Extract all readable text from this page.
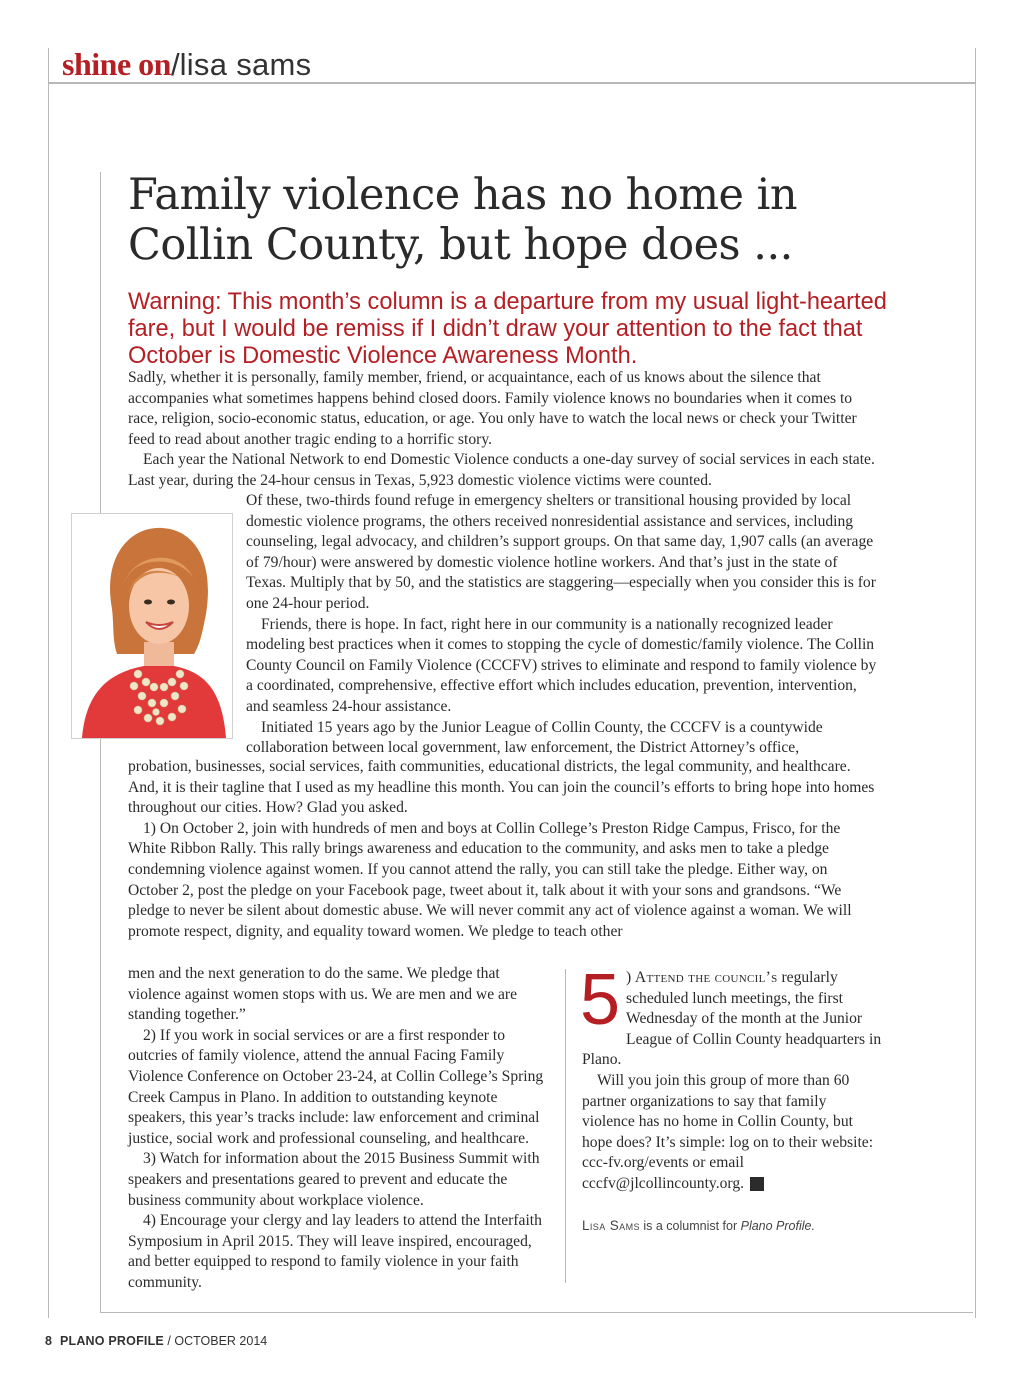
shine on/lisa sams
Family violence has no home in
Collin County, but hope does ...

Warning: This month’s column is a departure from my usual light-hearted fare, but I would be remiss if I didn’t draw your attention to the fact that October is Domestic Violence Awareness Month.

Sadly, whether it is personally, family member, friend, or acquaintance, each of us knows about the silence that accompanies what sometimes happens behind closed doors. Family violence knows no boundaries when it comes to race, religion, socio-economic status, education, or age. You only have to watch the local news or check your Twitter feed to read about another tragic ending to a horrific story.

Each year the National Network to end Domestic Violence conducts a one-day survey of social services in each state. Last year, during the 24-hour census in Texas, 5,923 domestic violence victims were counted.

Of these, two-thirds found refuge in emergency shelters or transitional housing provided by local domestic violence programs, the others received nonresidential assistance and services, including counseling, legal advocacy, and children’s support groups. On that same day, 1,907 calls (an average of 79/hour) were answered by domestic violence hotline workers. And that’s just in the state of Texas. Multiply that by 50, and the statistics are staggering—especially when you consider this is for one 24-hour period.

Friends, there is hope. In fact, right here in our community is a nationally recognized leader modeling best practices when it comes to stopping the cycle of domestic/family violence. The Collin County Council on Family Violence (CCCFV) strives to eliminate and respond to family violence by a coordinated, comprehensive, effective effort which includes education, prevention, intervention, and seamless 24-hour assistance.

Initiated 15 years ago by the Junior League of Collin County, the CCCFV is a countywide collaboration between local government, law enforcement, the District Attorney’s office,

probation, businesses, social services, faith communities, educational districts, the legal community, and healthcare. And, it is their tagline that I used as my headline this month. You can join the council’s efforts to bring hope into homes throughout our cities. How? Glad you asked.

1) On October 2, join with hundreds of men and boys at Collin College’s Preston Ridge Campus, Frisco, for the White Ribbon Rally. This rally brings awareness and education to the community, and asks men to take a pledge condemning violence against women. If you cannot attend the rally, you can still take the pledge. Either way, on October 2, post the pledge on your Facebook page, tweet about it, talk about it with your sons and grandsons. “We pledge to never be silent about domestic abuse. We will never commit any act of violence against a woman. We will promote respect, dignity, and equality toward women. We pledge to teach other

men and the next generation to do the same. We pledge that violence against women stops with us. We are men and we are standing together.”

2) If you work in social services or are a first responder to outcries of family violence, attend the annual Facing Family Violence Conference on October 23-24, at Collin College’s Spring Creek Campus in Plano. In addition to outstanding keynote speakers, this year’s tracks include: law enforcement and criminal justice, social work and professional counseling, and healthcare.

3) Watch for information about the 2015 Business Summit with speakers and presentations geared to prevent and educate the business community about workplace violence.

4) Encourage your clergy and lay leaders to attend the Interfaith Symposium in April 2015. They will leave inspired, encouraged, and better equipped to respond to family violence in your faith community.

5 ) Attend the council’s regularly scheduled lunch meetings, the first Wednesday of the month at the Junior League of Collin County headquarters in Plano.

Will you join this group of more than 60 partner organizations to say that family violence has no home in Collin County, but hope does? It’s simple: log on to their website: ccc-fv.org/events or email cccfv@jlcollincounty.org. p

Lisa Sams is a columnist for Plano Profile.

8 PLANO PROFILE / OCTOBER 2014
